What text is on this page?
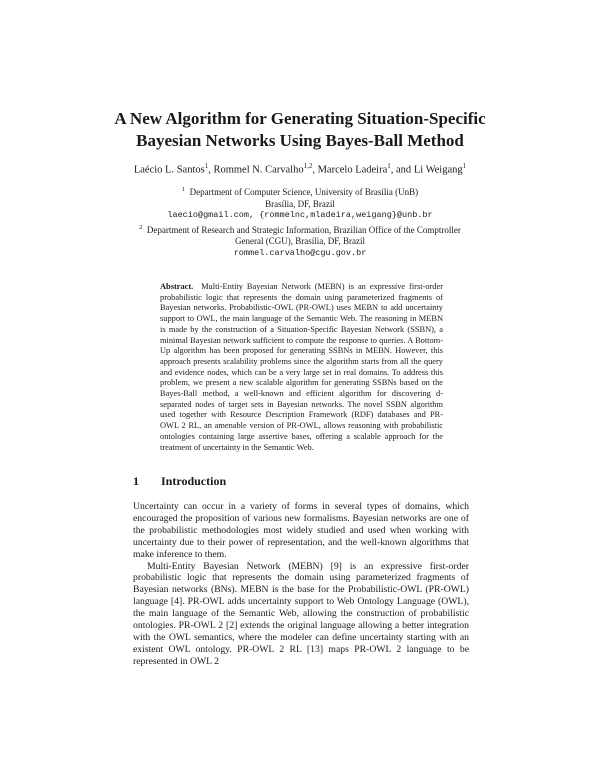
A New Algorithm for Generating Situation-Specific
Bayesian Networks Using Bayes-Ball Method
Laécio L. Santos$^1$, Rommel N. Carvalho$^{1,2}$, Marcelo Ladeira$^1$, and Li Weigang$^1$
$^1$ Department of Computer Science, University of Brasília (UnB)
Brasília, DF, Brazil
laecio@gmail.com, {rommelnc,mladeira,weigang}@unb.br
$^2$ Department of Research and Strategic Information, Brazilian Office of the Comptroller
General (CGU), Brasília, DF, Brazil
rommel.carvalho@cgu.gov.br
Abstract. Multi-Entity Bayesian Network (MEBN) is an expressive first-order probabilistic logic that represents the domain using parameterized fragments of Bayesian networks. Probabilistic-OWL (PR-OWL) uses MEBN to add uncertainty support to OWL, the main language of the Semantic Web. The reasoning in MEBN is made by the construction of a Situation-Specific Bayesian Network (SSBN), a minimal Bayesian network sufficient to compute the response to queries. A Bottom-Up algorithm has been proposed for generating SSBNs in MEBN. However, this approach presents scalability problems since the algorithm starts from all the query and evidence nodes, which can be a very large set in real domains. To address this problem, we present a new scalable algorithm for generating SSBNs based on the Bayes-Ball method, a well-known and efficient algorithm for discovering d-separated nodes of target sets in Bayesian networks. The novel SSBN algorithm used together with Resource Description Framework (RDF) databases and PR-OWL 2 RL, an amenable version of PR-OWL, allows reasoning with probabilistic ontologies containing large assertive bases, offering a scalable approach for the treatment of uncertainty in the Semantic Web.
1 Introduction

Uncertainty can occur in a variety of forms in several types of domains, which encouraged the proposition of various new formalisms. Bayesian networks are one of the probabilistic methodologies most widely studied and used when working with uncertainty due to their power of representation, and the well-known algorithms that make inference to them.

Multi-Entity Bayesian Network (MEBN) [9] is an expressive first-order probabilistic logic that represents the domain using parameterized fragments of Bayesian networks (BNs). MEBN is the base for the Probabilistic-OWL (PR-OWL) language [4]. PR-OWL adds uncertainty support to Web Ontology Language (OWL), the main language of the Semantic Web, allowing the construction of probabilistic ontologies. PR-OWL 2 [2] extends the original language allowing a better integration with the OWL semantics, where the modeler can define uncertainty starting with an existent OWL ontology. PR-OWL 2 RL [13] maps PR-OWL 2 language to be represented in OWL 2
